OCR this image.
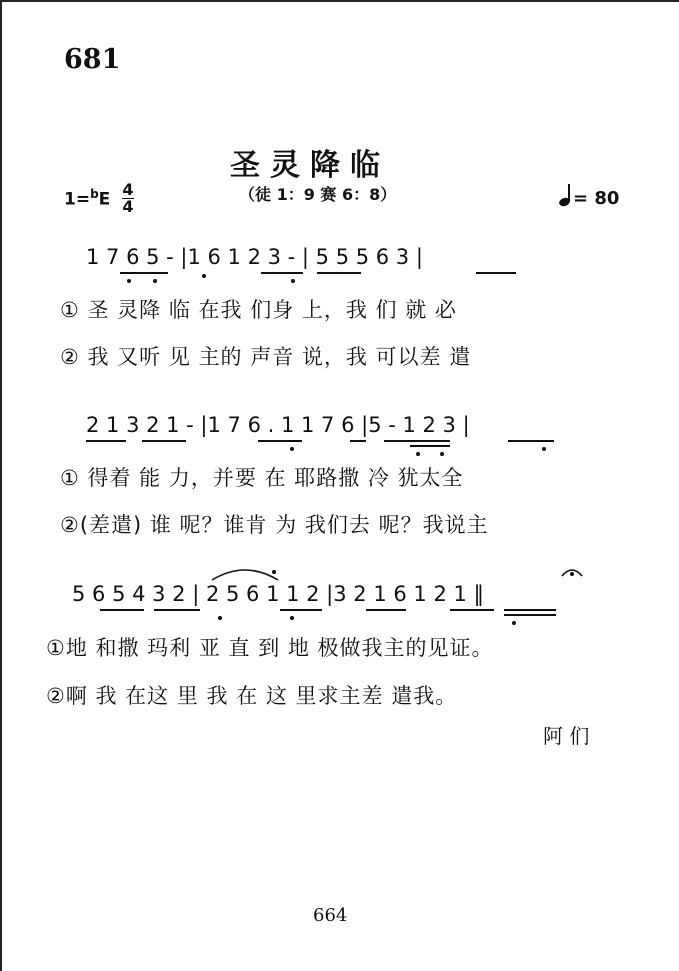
681
圣灵降临
（徒 1：9 赛 6：8）
1=$^b$E
4
4	= 80
1 7 6 5 - |1 6 1 2 3 - | 5 5 5 6 3 |
① 圣 灵降 临 在我 们身 上，我 们 就 必
② 我 又听 见 主的 声音 说，我 可以差 遣
2 1 3 2 1 - |1 7 6 . 1 1 7 6 |5 - 1 2 3 |
① 得着 能 力，并要 在 耶路撒 冷 犹太全
②(差遣) 谁 呢？谁肯 为 我们去 呢？我说主
5 6 5 4 3 2 | 2 5 6 1 1 2 |3 2 1 6 1 2 1 ‖
①地 和撒 玛利 亚 直 到 地 极做我主的见证。
②啊 我 在这 里 我 在 这 里求主差 遣我。
阿 们
664
